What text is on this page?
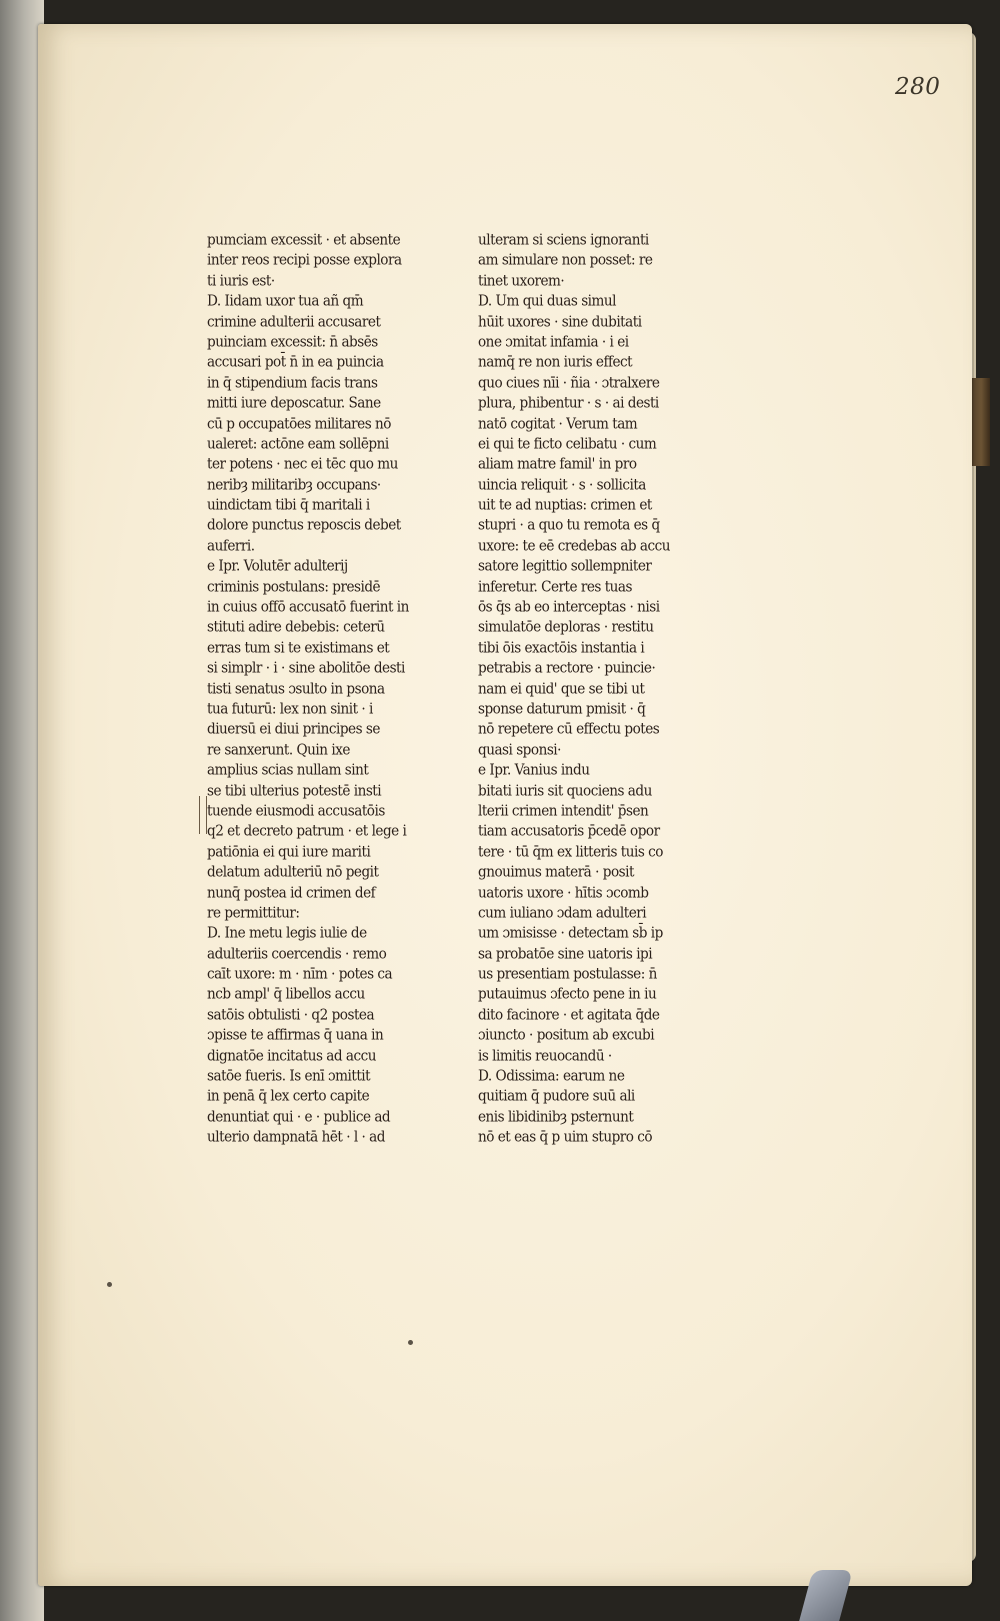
280
pumciam excessit · et absente
inter reos recipi posse explora
ti iuris est·
D. Iidam uxor tua añ qm̄
crimine adulterii accusaret
puinciam excessit: n̄ absēs
accusari pot̄ n̄ in ea puincia
in q̄ stipendium facis trans
mitti iure deposcatur. Sane
cū p occupatōes militares nō
ualeret: actōne eam sollēpni
ter potens · nec ei tēc quo mu
neribȝ militaribȝ occupans·
uindictam tibi q̄ maritali i
dolore punctus reposcis debet
auferri.
e Ipr. Volutēr adulterij
criminis postulans: presidē
in cuius offō accusatō fuerint in
stituti adire debebis: ceterū
erras tum si te existimans et
si simplr · i · sine abolitōe desti
tisti senatus ɔsulto in psona
tua futurū: lex non sinit · i
diuersū ei diui principes se
re sanxerunt. Quin ixe
amplius scias nullam sint
se tibi ulterius potestē insti
tuende eiusmodi accusatōis
q2 et decreto patrum · et lege i
patiōnia ei qui iure mariti
delatum adulteriū nō pegit
nunq̄ postea id crimen def
re permittitur:
D. Ine metu legis iulie de
adulteriis coercendis · remo
caīt uxore: m · nīm · potes ca
ncb ampl' q̄ libellos accu
satōis obtulisti · q2 postea
ɔpisse te affirmas q̄ uana in
dignatōe incitatus ad accu
satōe fueris. Is enī ɔmittit
in penā q̄ lex certo capite
denuntiat qui · e · publice ad
ulterio dampnatā hēt · l · ad
ulteram si sciens ignoranti
am simulare non posset: re
tinet uxorem·
D. Um qui duas simul
hūit uxores · sine dubitati
one ɔmitat infamia · i ei
namq̄ re non iuris effect
quo ciues nīi · ñia · ɔtralxere
plura, phibentur · s · ai desti
natō cogitat · Verum tam
ei qui te ficto celibatu · cum
aliam matre famil' in pro
uincia reliquit · s · sollicita
uit te ad nuptias: crimen et
stupri · a quo tu remota es q̄
uxore: te eē credebas ab accu
satore legittio sollempniter
inferetur. Certe res tuas
ōs q̄s ab eo interceptas · nisi
simulatōe deploras · restitu
tibi ōis exactōis instantia i
petrabis a rectore · puincie·
nam ei quid' que se tibi ut
sponse daturum pmisit · q̄
nō repetere cū effectu potes
quasi sponsi·
e Ipr. Vanius indu
bitati iuris sit quociens adu
lterii crimen intendit' p̄sen
tiam accusatoris p̄cedē opor
tere · tū q̄m ex litteris tuis co
gnouimus materā · posit
uatoris uxore · hītis ɔcomb
cum iuliano ɔdam adulteri
um ɔmisisse · detectam sb̄ ip
sa probatōe sine uatoris ipi
us presentiam postulasse: n̄
putauimus ɔfecto pene in iu
dito facinore · et agitata q̄de
ɔiuncto · positum ab excubi
is limitis reuocandū ·
D. Odissima: earum ne
quitiam q̄ pudore suū ali
enis libidinibȝ psternunt
nō et eas q̄ p uim stupro cō
